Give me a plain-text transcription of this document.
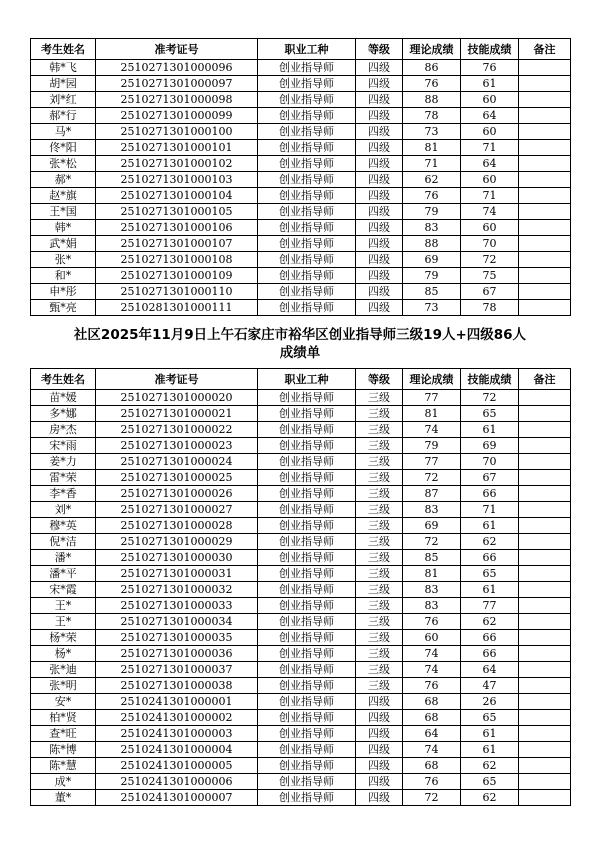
考生姓名	准考证号	职业工种	等级	理论成绩	技能成绩	备注
韩*飞	2510271301000096	创业指导师	四级	86	76	
胡*园	2510271301000097	创业指导师	四级	76	61	
刘*红	2510271301000098	创业指导师	四级	88	60	
郝*行	2510271301000099	创业指导师	四级	78	64	
马*	2510271301000100	创业指导师	四级	73	60	
佟*阳	2510271301000101	创业指导师	四级	81	71	
张*松	2510271301000102	创业指导师	四级	71	64	
郝*	2510271301000103	创业指导师	四级	62	60	
赵*旗	2510271301000104	创业指导师	四级	76	71	
王*国	2510271301000105	创业指导师	四级	79	74	
韩*	2510271301000106	创业指导师	四级	83	60	
武*娟	2510271301000107	创业指导师	四级	88	70	
张*	2510271301000108	创业指导师	四级	69	72	
和*	2510271301000109	创业指导师	四级	79	75	
申*彤	2510271301000110	创业指导师	四级	85	67	
甄*亮	2510281301000111	创业指导师	四级	73	78	
社区2025年11月9日上午石家庄市裕华区创业指导师三级19人+四级86人
成绩单
考生姓名	准考证号	职业工种	等级	理论成绩	技能成绩	备注
苗*媛	2510271301000020	创业指导师	三级	77	72	
多*娜	2510271301000021	创业指导师	三级	81	65	
房*杰	2510271301000022	创业指导师	三级	74	61	
宋*雨	2510271301000023	创业指导师	三级	79	69	
姜*力	2510271301000024	创业指导师	三级	77	70	
雷*荣	2510271301000025	创业指导师	三级	72	67	
李*香	2510271301000026	创业指导师	三级	87	66	
刘*	2510271301000027	创业指导师	三级	83	71	
穆*英	2510271301000028	创业指导师	三级	69	61	
倪*洁	2510271301000029	创业指导师	三级	72	62	
潘*	2510271301000030	创业指导师	三级	85	66	
潘*平	2510271301000031	创业指导师	三级	81	65	
宋*霞	2510271301000032	创业指导师	三级	83	61	
王*	2510271301000033	创业指导师	三级	83	77	
王*	2510271301000034	创业指导师	三级	76	62	
杨*荣	2510271301000035	创业指导师	三级	60	66	
杨*	2510271301000036	创业指导师	三级	74	66	
张*迪	2510271301000037	创业指导师	三级	74	64	
张*明	2510271301000038	创业指导师	三级	76	47	
安*	2510241301000001	创业指导师	四级	68	26	
柏*贤	2510241301000002	创业指导师	四级	68	65	
查*旺	2510241301000003	创业指导师	四级	64	61	
陈*博	2510241301000004	创业指导师	四级	74	61	
陈*慧	2510241301000005	创业指导师	四级	68	62	
成*	2510241301000006	创业指导师	四级	76	65	
董*	2510241301000007	创业指导师	四级	72	62	
